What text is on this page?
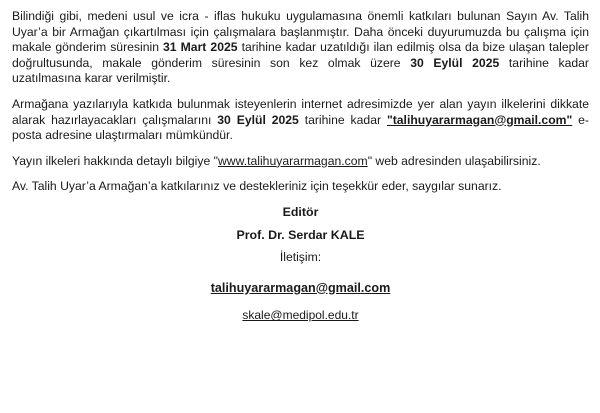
Bilindiği gibi, medeni usul ve icra - iflas hukuku uygulamasına önemli katkıları bulunan Sayın Av. Talih Uyar’a bir Armağan çıkartılması için çalışmalara başlanmıştır. Daha önceki duyurumuzda bu çalışma için makale gönderim süresinin 31 Mart 2025 tarihine kadar uzatıldığı ilan edilmiş olsa da bize ulaşan talepler doğrultusunda, makale gönderim süresinin son kez olmak üzere 30 Eylül 2025 tarihine kadar uzatılmasına karar verilmiştir.

Armağana yazılarıyla katkıda bulunmak isteyenlerin internet adresimizde yer alan yayın ilkelerini dikkate alarak hazırlayacakları çalışmalarını 30 Eylül 2025 tarihine kadar "talihuyararmagan@gmail.com" e-posta adresine ulaştırmaları mümkündür.

Yayın ilkeleri hakkında detaylı bilgiye "www.talihuyararmagan.com" web adresinden ulaşabilirsiniz.

Av. Talih Uyar’a Armağan’a katkılarınız ve destekleriniz için teşekkür eder, saygılar sunarız.

Editör

Prof. Dr. Serdar KALE

İletişim:

talihuyararmagan@gmail.com

skale@medipol.edu.tr
